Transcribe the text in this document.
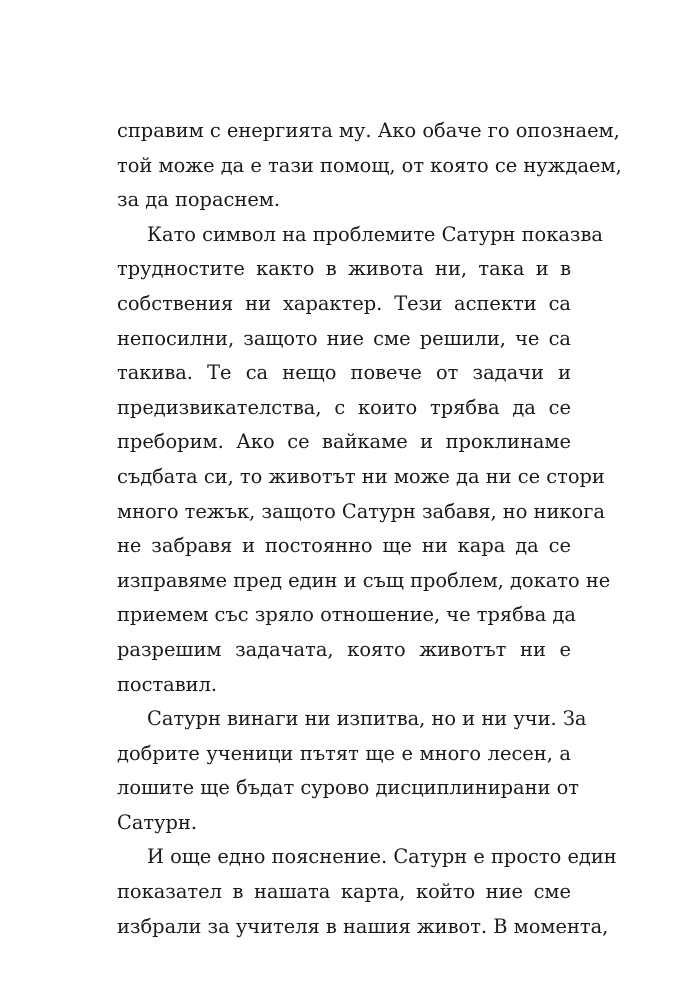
справим с енергията му. Ако обаче го опознаем,
той може да е тази помощ, от която се нуждаем,
за да пораснем.
Като символ на проблемите Сатурн показва
трудностите както в живота ни, така и в
собствения ни характер. Тези аспекти са
непосилни, защото ние сме решили, че са
такива. Те са нещо повече от задачи и
предизвикателства, с които трябва да се
преборим. Ако се вайкаме и проклинаме
съдбата си, то животът ни може да ни се стори
много тежък, защото Сатурн забавя, но никога
не забравя и постоянно ще ни кара да се
изправяме пред един и същ проблем, докато не
приемем със зряло отношение, че трябва да
разрешим задачата, която животът ни е
поставил.
Сатурн винаги ни изпитва, но и ни учи. За
добрите ученици пътят ще е много лесен, а
лошите ще бъдат сурово дисциплинирани от
Сатурн.
И още едно пояснение. Сатурн е просто един
показател в нашата карта, който ние сме
избрали за учителя в нашия живот. В момента,
